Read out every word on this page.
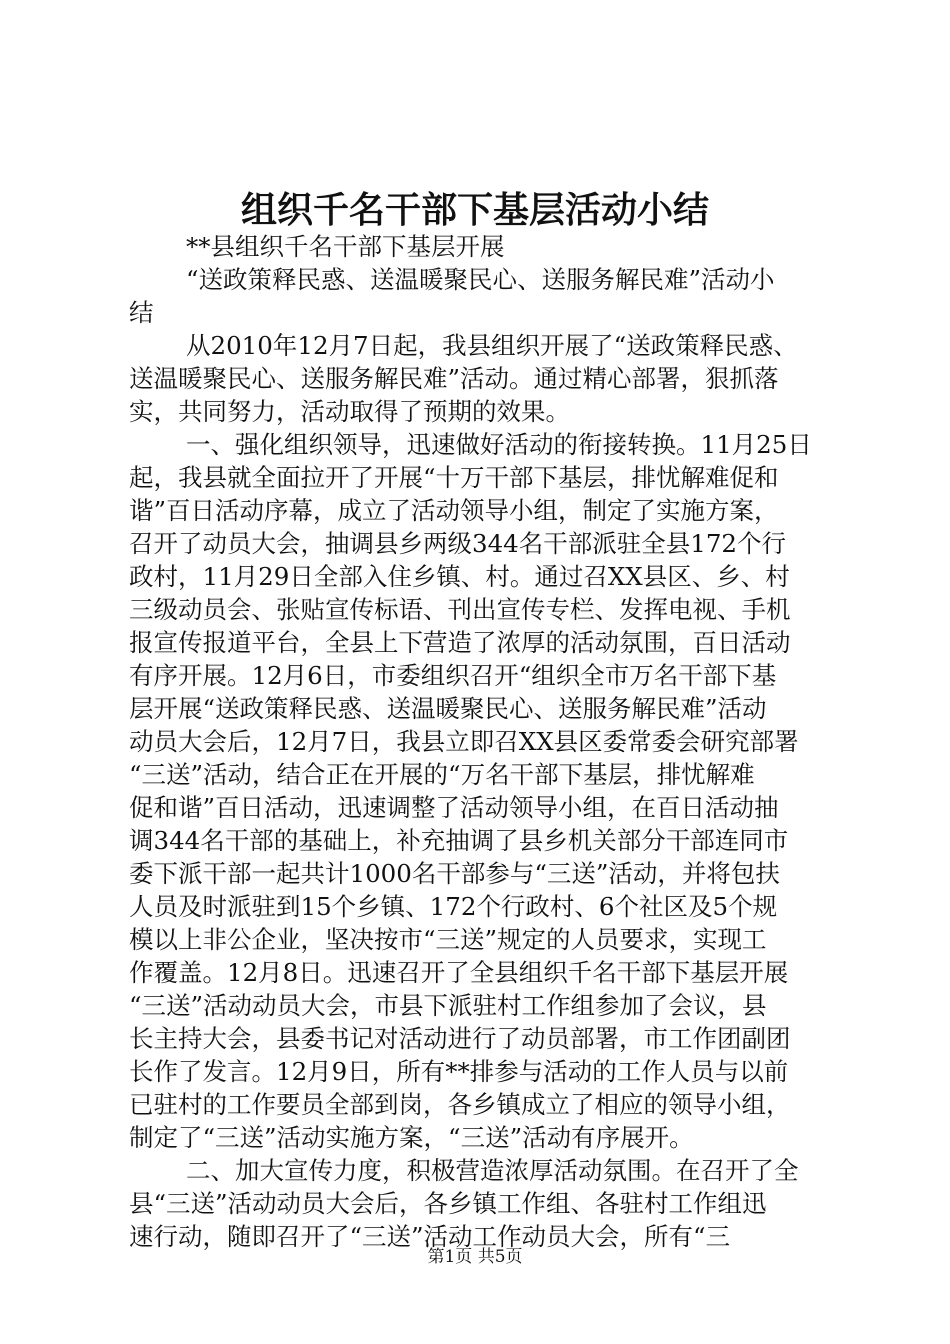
组织千名干部下基层活动小结
**县组织千名干部下基层开展
“送政策释民惑、送温暖聚民心、送服务解民难”活动小
结
从2010年12月7日起，我县组织开展了“送政策释民惑、
送温暖聚民心、送服务解民难”活动。通过精心部署，狠抓落
实，共同努力，活动取得了预期的效果。
一、强化组织领导，迅速做好活动的衔接转换。11月25日
起，我县就全面拉开了开展“十万干部下基层，排忧解难促和
谐”百日活动序幕，成立了活动领导小组，制定了实施方案，
召开了动员大会，抽调县乡两级344名干部派驻全县172个行
政村，11月29日全部入住乡镇、村。通过召XX县区、乡、村
三级动员会、张贴宣传标语、刊出宣传专栏、发挥电视、手机
报宣传报道平台，全县上下营造了浓厚的活动氛围，百日活动
有序开展。12月6日，市委组织召开“组织全市万名干部下基
层开展“送政策释民惑、送温暖聚民心、送服务解民难”活动
动员大会后，12月7日，我县立即召XX县区委常委会研究部署
“三送”活动，结合正在开展的“万名干部下基层，排忧解难
促和谐”百日活动，迅速调整了活动领导小组，在百日活动抽
调344名干部的基础上，补充抽调了县乡机关部分干部连同市
委下派干部一起共计1000名干部参与“三送”活动，并将包扶
人员及时派驻到15个乡镇、172个行政村、6个社区及5个规
模以上非公企业，坚决按市“三送”规定的人员要求，实现工
作覆盖。12月8日。迅速召开了全县组织千名干部下基层开展
“三送”活动动员大会，市县下派驻村工作组参加了会议，县
长主持大会，县委书记对活动进行了动员部署，市工作团副团
长作了发言。12月9日，所有**排参与活动的工作人员与以前
已驻村的工作要员全部到岗，各乡镇成立了相应的领导小组，
制定了“三送”活动实施方案，“三送”活动有序展开。
二、加大宣传力度，积极营造浓厚活动氛围。在召开了全
县“三送”活动动员大会后，各乡镇工作组、各驻村工作组迅
速行动，随即召开了“三送”活动工作动员大会，所有“三
第1页 共5页
